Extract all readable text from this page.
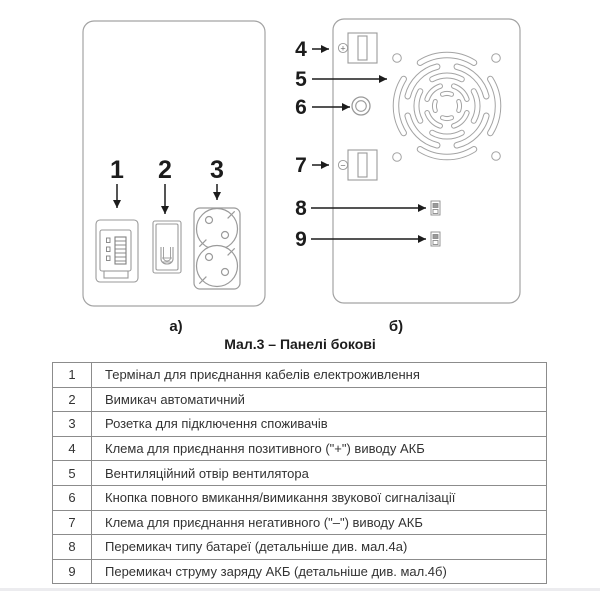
+
−
1 2 3
4
5
6
7
8
9
а)	б)
Мал.3 – Панелі бокові
1	Термінал для приєднання кабелів електроживлення
2	Вимикач автоматичний
3	Розетка для підключення споживачів
4	Клема для приєднання позитивного ("+") виводу АКБ
5	Вентиляційний отвір вентилятора
6	Кнопка повного вмикання/вимикання звукової сигналізації
7	Клема для приєднання негативного ("–") виводу АКБ
8	Перемикач типу батареї (детальніше див. мал.4а)
9	Перемикач струму заряду АКБ (детальніше див. мал.4б)
